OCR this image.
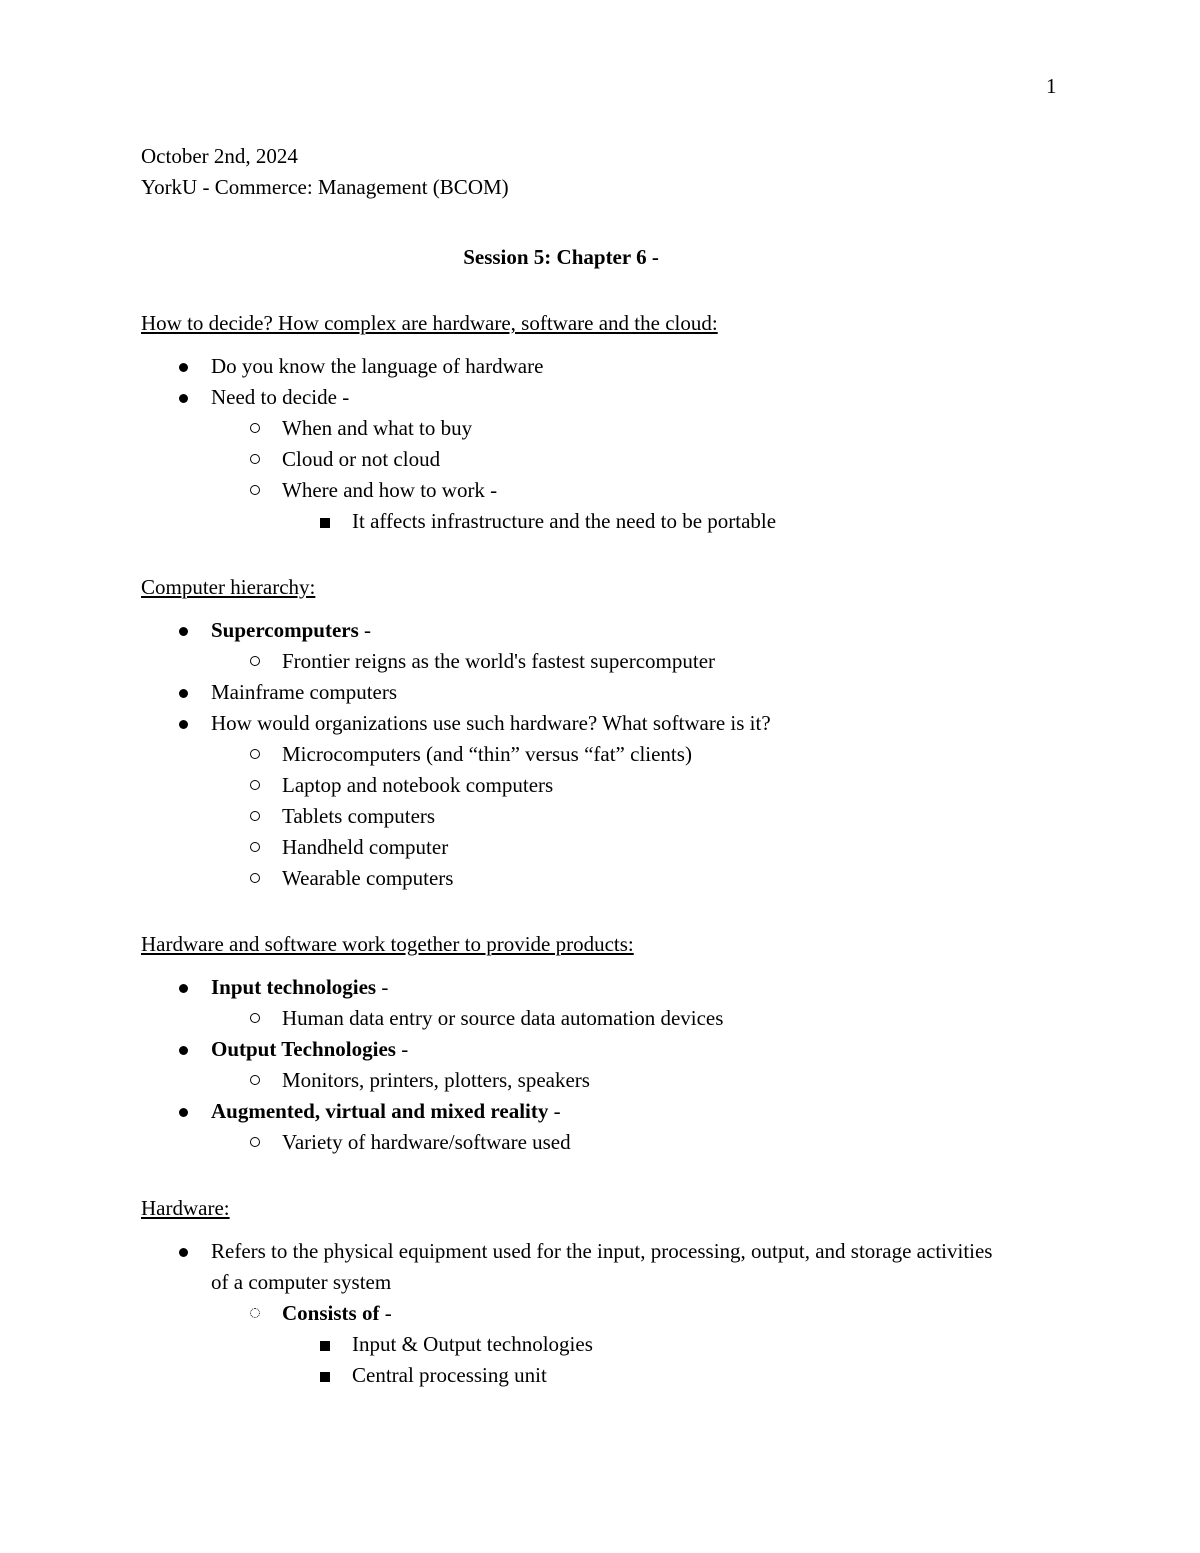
1
October 2nd, 2024
YorkU - Commerce: Management (BCOM)
Session 5: Chapter 6 -
How to decide? How complex are hardware, software and the cloud:
Do you know the language of hardware
Need to decide -
When and what to buy
Cloud or not cloud
Where and how to work -
It affects infrastructure and the need to be portable
Computer hierarchy:
Supercomputers -
Frontier reigns as the world's fastest supercomputer
Mainframe computers
How would organizations use such hardware? What software is it?
Microcomputers (and “thin” versus “fat” clients)
Laptop and notebook computers
Tablets computers
Handheld computer
Wearable computers
Hardware and software work together to provide products:
Input technologies -
Human data entry or source data automation devices
Output Technologies -
Monitors, printers, plotters, speakers
Augmented, virtual and mixed reality -
Variety of hardware/software used
Hardware:
Refers to the physical equipment used for the input, processing, output, and storage activities of a computer system
Consists of -
Input & Output technologies
Central processing unit
